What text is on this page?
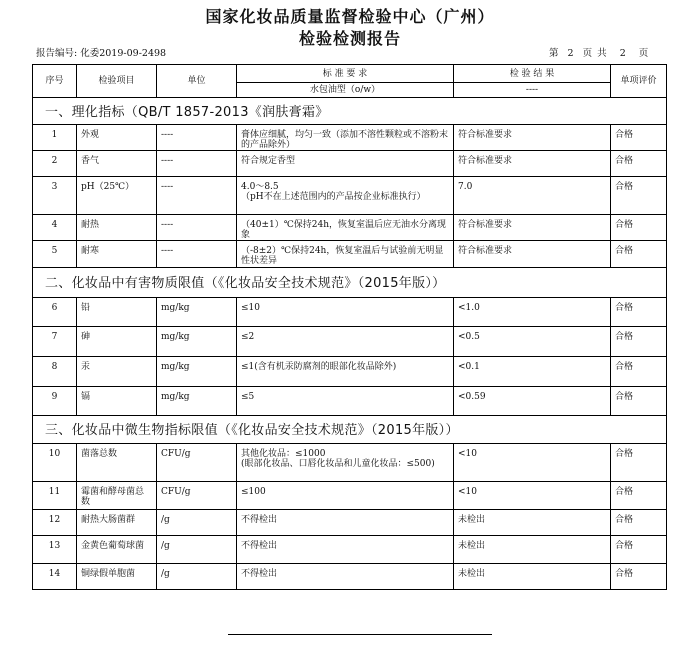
国家化妆品质量监督检验中心（广州）
检验检测报告
报告编号: 化委2019-09-2498	第  2  页 共   2   页
序号	检验项目	单位	标 准 要 求	检 验 结 果	单项评价
			水包油型（o/w）	----	
一、理化指标（QB/T 1857-2013《润肤膏霜》					
1	外观	----	膏体应细腻，均匀一致（添加不溶性颗粒或不溶粉末的产品除外）	符合标准要求	合格
2	香气	----	符合规定香型	符合标准要求	合格
3	pH（25℃）	----	4.0～8.5
（pH不在上述范围内的产品按企业标准执行）	7.0	合格
4	耐热	----	（40±1）℃保持24h，恢复室温后应无油水分离现象	符合标准要求	合格
5	耐寒	----	（-8±2）℃保持24h，恢复室温后与试验前无明显性状差异	符合标准要求	合格
二、化妆品中有害物质限值（《化妆品安全技术规范》（2015年版））					
6	铅	mg/kg	≤10	<1.0	合格
7	砷	mg/kg	≤2	<0.5	合格
8	汞	mg/kg	≤1(含有机汞防腐剂的眼部化妆品除外)	<0.1	合格
9	镉	mg/kg	≤5	<0.59	合格
三、化妆品中微生物指标限值（《化妆品安全技术规范》（2015年版））					
10	菌落总数	CFU/g	其他化妆品：≤1000
(眼部化妆品、口唇化妆品和儿童化妆品：≤500)	<10	合格
11	霉菌和酵母菌总数	CFU/g	≤100	<10	合格
12	耐热大肠菌群	/g	不得检出	未检出	合格
13	金黄色葡萄球菌	/g	不得检出	未检出	合格
14	铜绿假单胞菌	/g	不得检出	未检出	合格
